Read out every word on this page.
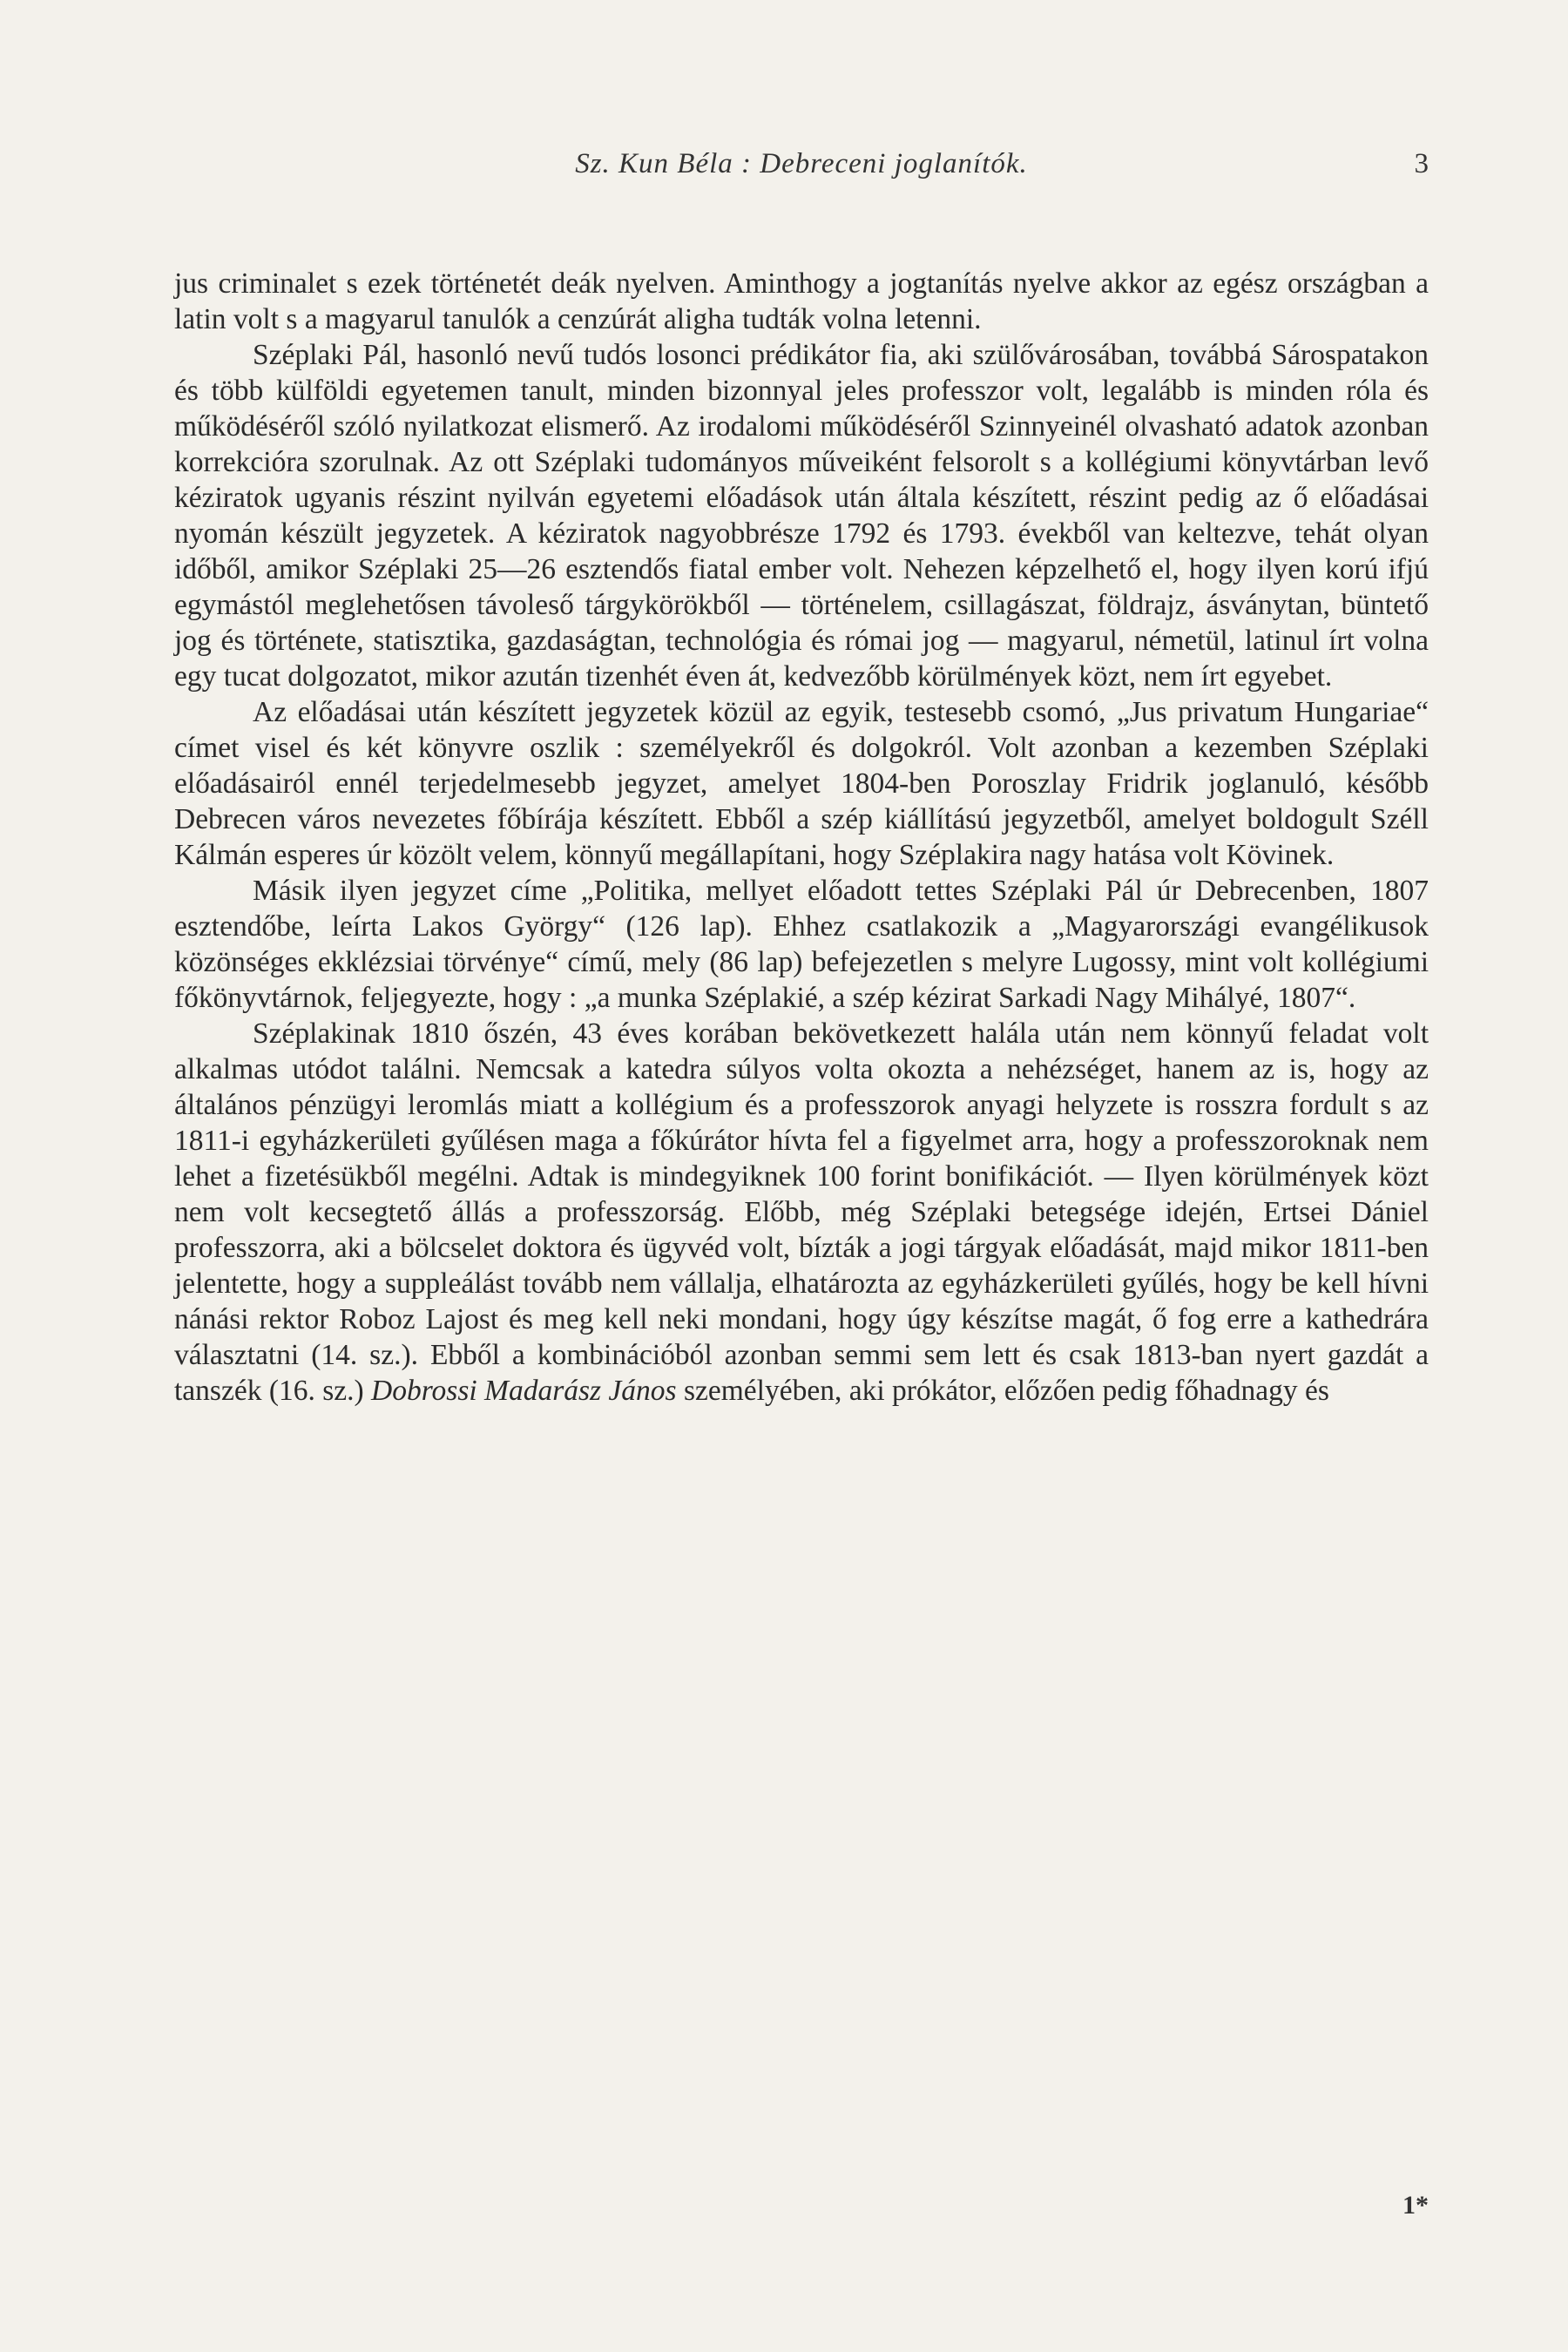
Sz. Kun Béla : Debreceni joglanítók.	3

jus criminalet s ezek történetét deák nyelven. Aminthogy a jogtanítás nyelve akkor az egész országban a latin volt s a magyarul tanulók a cenzúrát aligha tudták volna letenni.

Széplaki Pál, hasonló nevű tudós losonci prédikátor fia, aki szülővárosában, továbbá Sárospatakon és több külföldi egyetemen tanult, minden bizonnyal jeles professzor volt, legalább is minden róla és működéséről szóló nyilatkozat elismerő. Az irodalomi működéséről Szinnyeinél olvasható adatok azonban korrekcióra szorulnak. Az ott Széplaki tudományos műveiként felsorolt s a kollégiumi könyvtárban levő kéziratok ugyanis részint nyilván egyetemi előadások után általa készített, részint pedig az ő előadásai nyomán készült jegyzetek. A kéziratok nagyobbrésze 1792 és 1793. évekből van keltezve, tehát olyan időből, amikor Széplaki 25—26 esztendős fiatal ember volt. Nehezen képzelhető el, hogy ilyen korú ifjú egymástól meglehetősen távoleső tárgykörökből — történelem, csillagászat, földrajz, ásványtan, büntető jog és története, statisztika, gazdaságtan, technológia és római jog — magyarul, németül, latinul írt volna egy tucat dolgozatot, mikor azután tizenhét éven át, kedvezőbb körülmények közt, nem írt egyebet.

Az előadásai után készített jegyzetek közül az egyik, testesebb csomó, „Jus privatum Hungariae“ címet visel és két könyvre oszlik : személyekről és dolgokról. Volt azonban a kezemben Széplaki előadásairól ennél terjedelmesebb jegyzet, amelyet 1804-ben Poroszlay Fridrik joglanuló, később Debrecen város nevezetes főbírája készített. Ebből a szép kiállítású jegyzetből, amelyet boldogult Széll Kálmán esperes úr közölt velem, könnyű megállapítani, hogy Széplakira nagy hatása volt Kövinek.

Másik ilyen jegyzet címe „Politika, mellyet előadott tettes Széplaki Pál úr Debrecenben, 1807 esztendőbe, leírta Lakos György“ (126 lap). Ehhez csatlakozik a „Magyarországi evangélikusok közönséges ekklézsiai törvénye“ című, mely (86 lap) befejezetlen s melyre Lugossy, mint volt kollégiumi főkönyvtárnok, feljegyezte, hogy : „a munka Széplakié, a szép kézirat Sarkadi Nagy Mihályé, 1807“.

Széplakinak 1810 őszén, 43 éves korában bekövetkezett halála után nem könnyű feladat volt alkalmas utódot találni. Nemcsak a katedra súlyos volta okozta a nehézséget, hanem az is, hogy az általános pénzügyi leromlás miatt a kollégium és a professzorok anyagi helyzete is rosszra fordult s az 1811-i egyházkerületi gyűlésen maga a főkúrátor hívta fel a figyelmet arra, hogy a professzoroknak nem lehet a fizetésükből megélni. Adtak is mindegyiknek 100 forint bonifikációt. — Ilyen körülmények közt nem volt kecsegtető állás a professzorság. Előbb, még Széplaki betegsége idején, Ertsei Dániel professzorra, aki a bölcselet doktora és ügyvéd volt, bízták a jogi tárgyak előadását, majd mikor 1811-ben jelentette, hogy a suppleálást tovább nem vállalja, elhatározta az egyházkerületi gyűlés, hogy be kell hívni nánási rektor Roboz Lajost és meg kell neki mondani, hogy úgy készítse magát, ő fog erre a kathedrára választatni (14. sz.). Ebből a kombinációból azonban semmi sem lett és csak 1813-ban nyert gazdát a tanszék (16. sz.) Dobrossi Madarász János személyében, aki prókátor, előzően pedig főhadnagy és

1*
